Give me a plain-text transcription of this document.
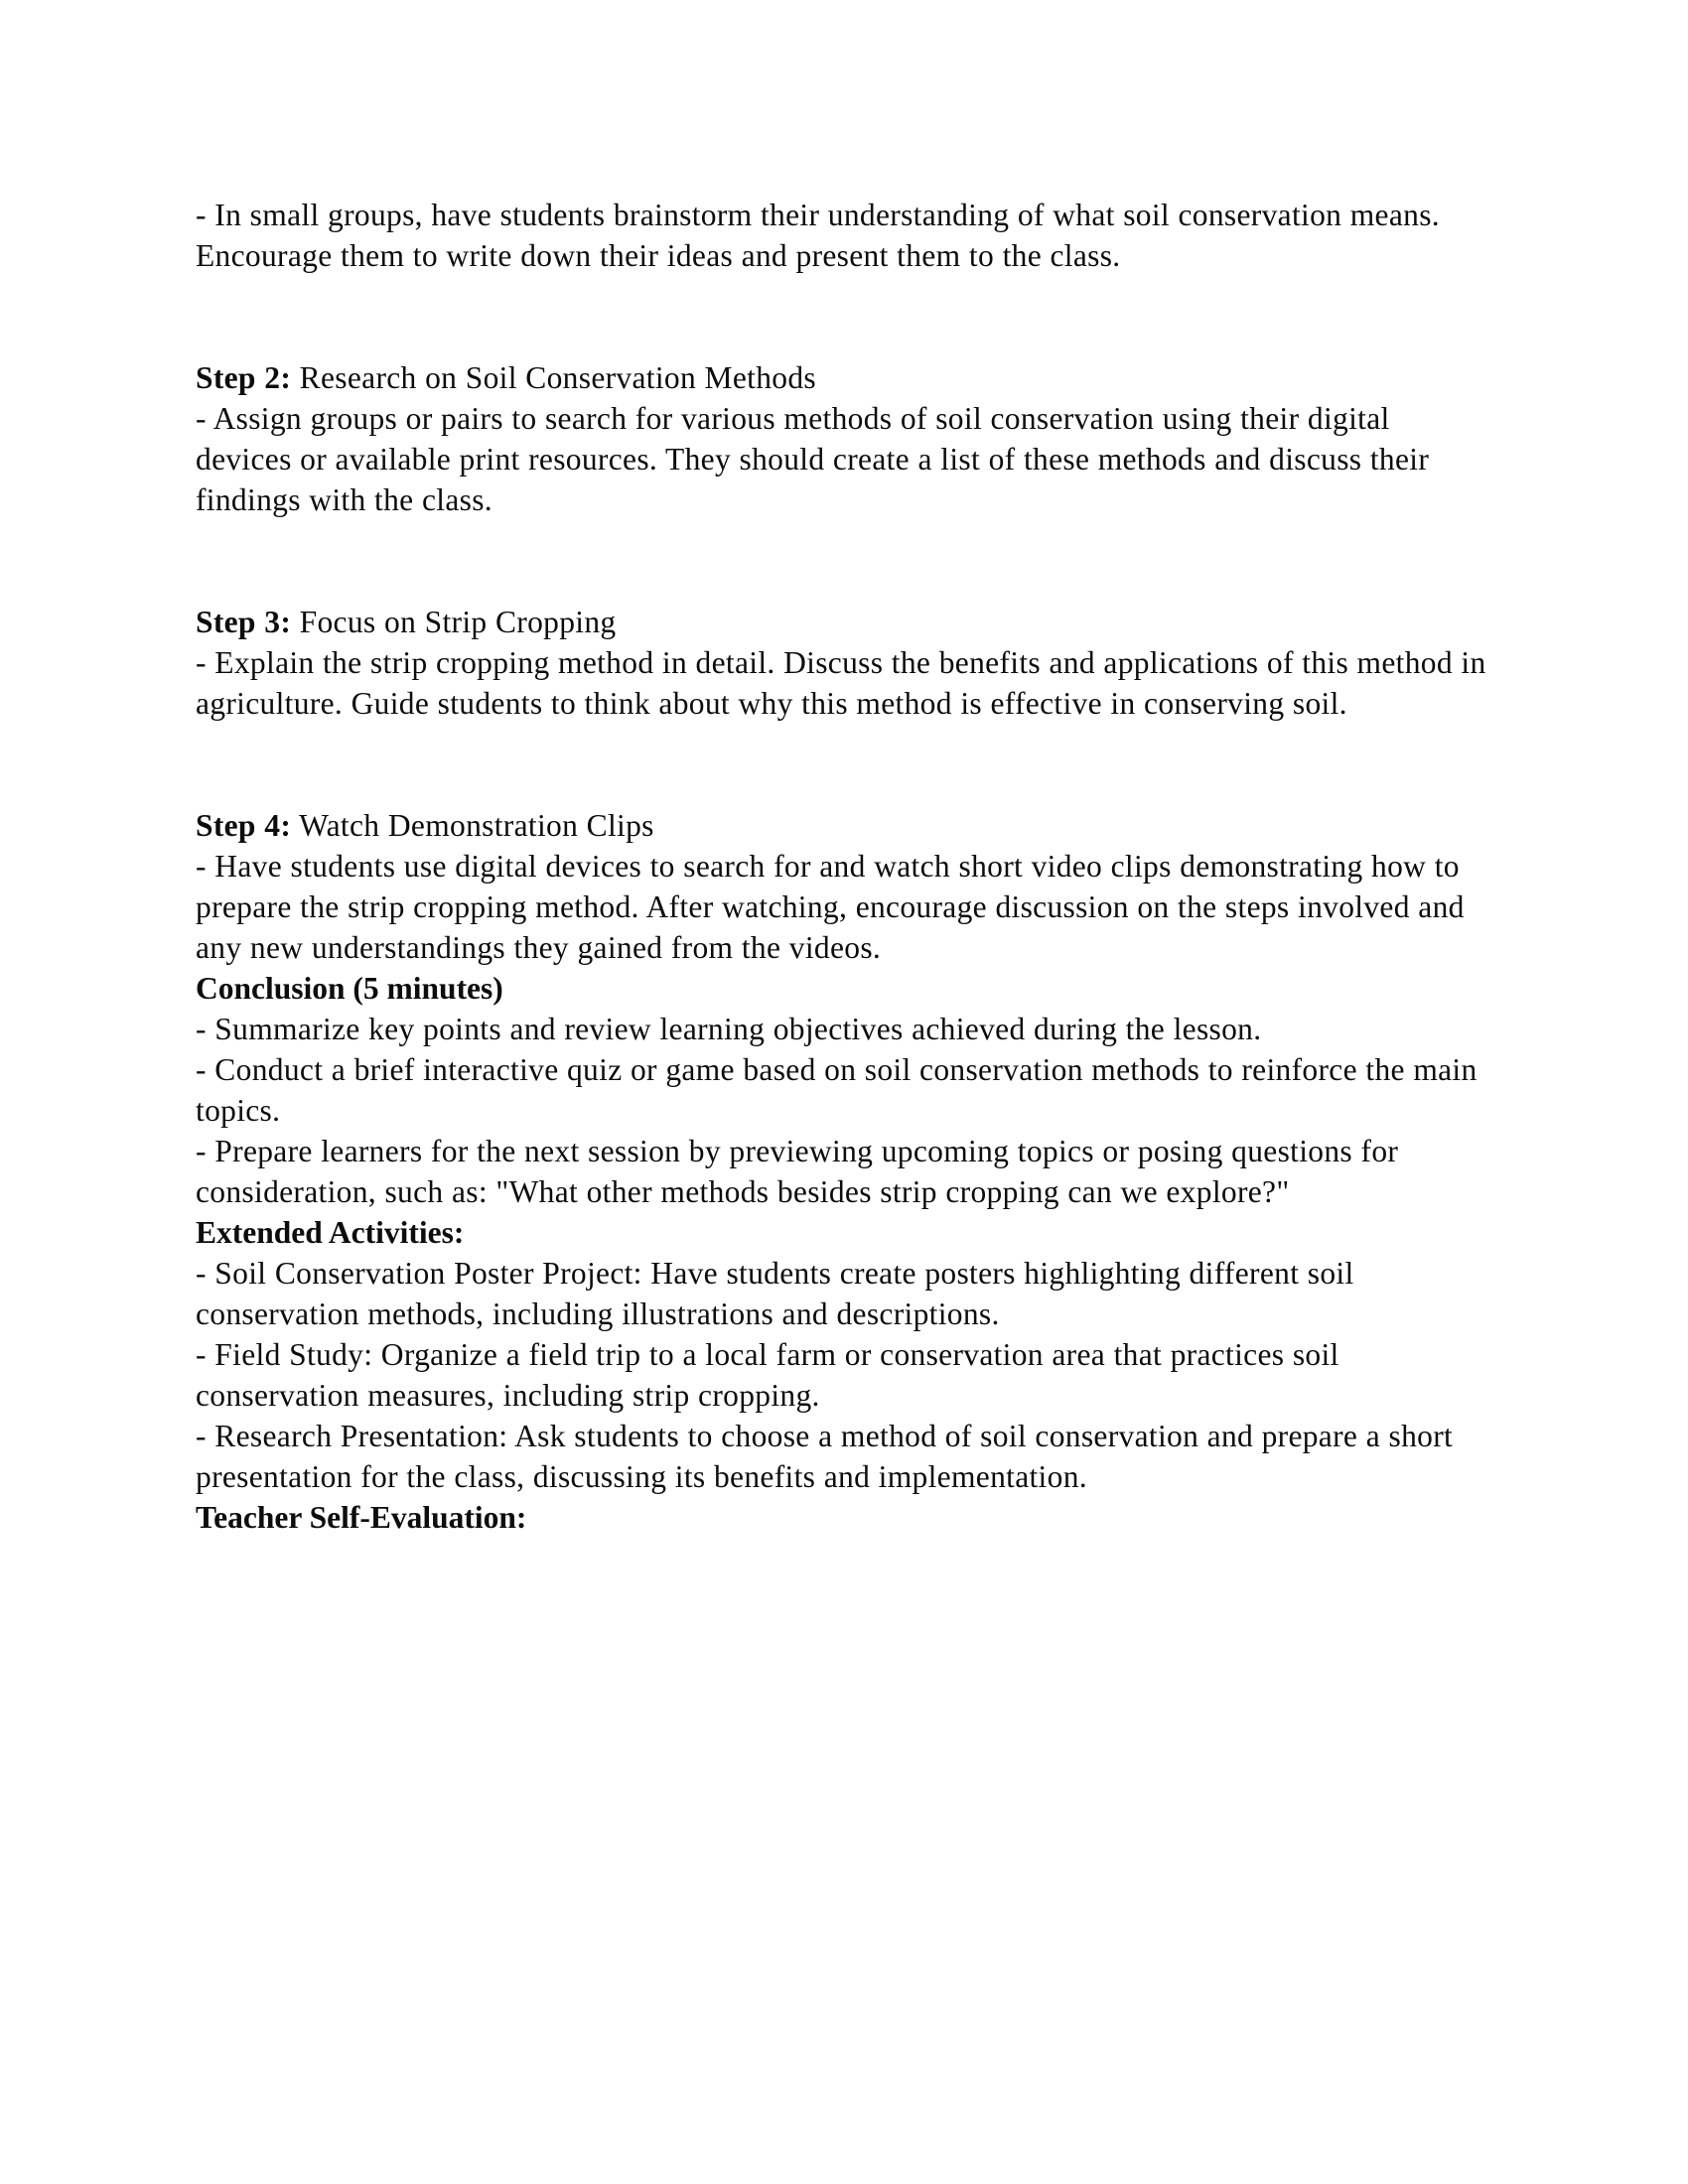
- In small groups, have students brainstorm their understanding of what soil conservation means. Encourage them to write down their ideas and present them to the class.

Step 2: Research on Soil Conservation Methods

- Assign groups or pairs to search for various methods of soil conservation using their digital devices or available print resources. They should create a list of these methods and discuss their findings with the class.

Step 3: Focus on Strip Cropping

- Explain the strip cropping method in detail. Discuss the benefits and applications of this method in agriculture. Guide students to think about why this method is effective in conserving soil.

Step 4: Watch Demonstration Clips

- Have students use digital devices to search for and watch short video clips demonstrating how to prepare the strip cropping method. After watching, encourage discussion on the steps involved and any new understandings they gained from the videos.

Conclusion (5 minutes)

- Summarize key points and review learning objectives achieved during the lesson.

- Conduct a brief interactive quiz or game based on soil conservation methods to reinforce the main topics.

- Prepare learners for the next session by previewing upcoming topics or posing questions for consideration, such as: "What other methods besides strip cropping can we explore?"

Extended Activities:

- Soil Conservation Poster Project: Have students create posters highlighting different soil conservation methods, including illustrations and descriptions.

- Field Study: Organize a field trip to a local farm or conservation area that practices soil conservation measures, including strip cropping.

- Research Presentation: Ask students to choose a method of soil conservation and prepare a short presentation for the class, discussing its benefits and implementation.

Teacher Self-Evaluation:
